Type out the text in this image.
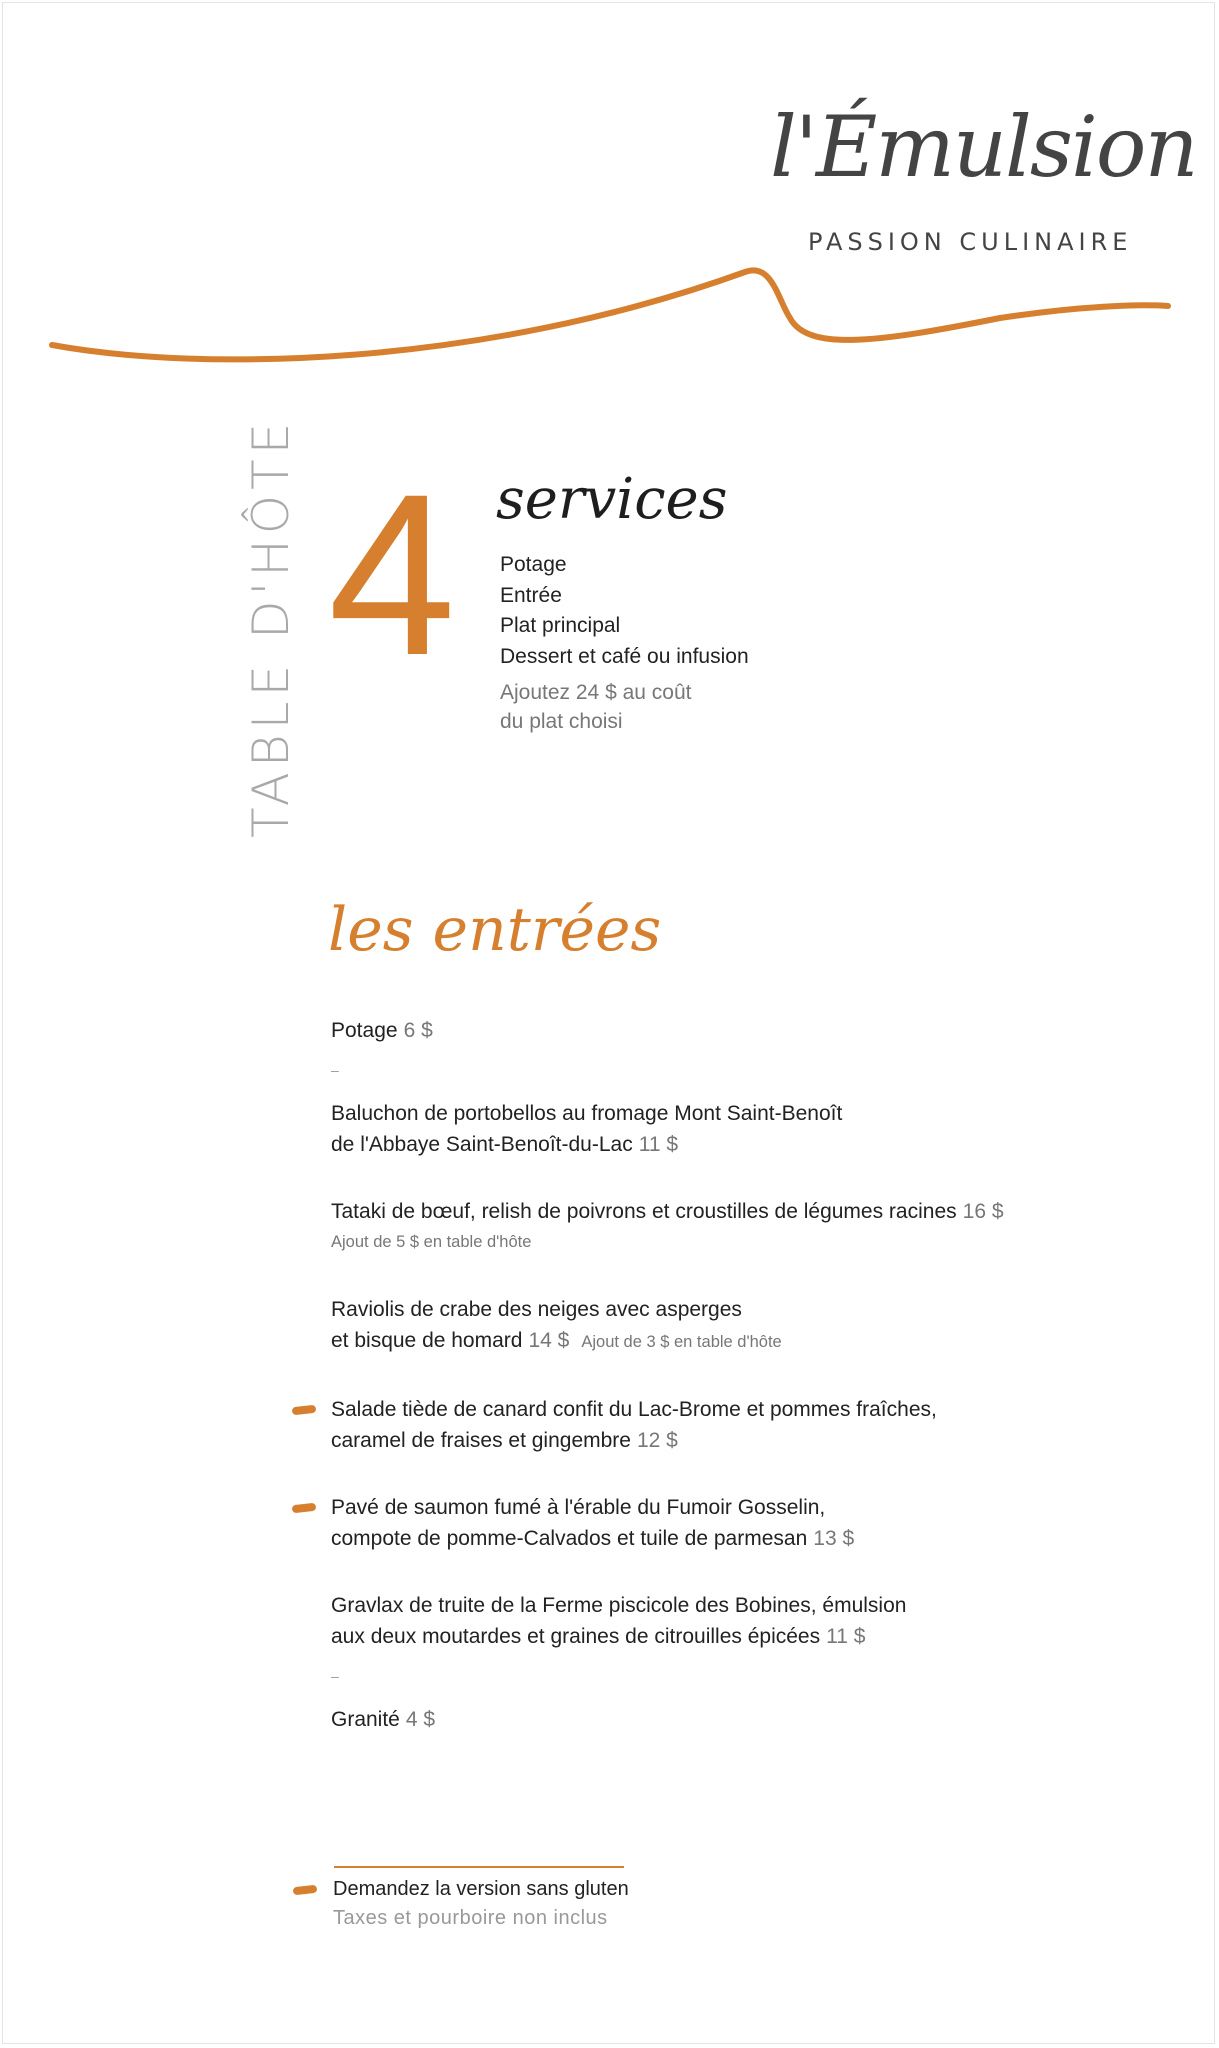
l'Émulsion
PASSION CULINAIRE
TABLE D'HÔTE 4 services
Potage
Entrée
Plat principal
Dessert et café ou infusion
Ajoutez 24 $ au coût
du plat choisi
les entrées
Potage 6 $
–
Baluchon de portobellos au fromage Mont Saint-Benoît
de l'Abbaye Saint-Benoît-du-Lac 11 $
Tataki de bœuf, relish de poivrons et croustilles de légumes racines 16 $
Ajout de 5 $ en table d'hôte
Raviolis de crabe des neiges avec asperges
et bisque de homard 14 $ Ajout de 3 $ en table d'hôte
Salade tiède de canard confit du Lac-Brome et pommes fraîches,
caramel de fraises et gingembre 12 $
Pavé de saumon fumé à l'érable du Fumoir Gosselin,
compote de pomme-Calvados et tuile de parmesan 13 $
Gravlax de truite de la Ferme piscicole des Bobines, émulsion
aux deux moutardes et graines de citrouilles épicées 11 $
–
Granité 4 $
Demandez la version sans gluten
Taxes et pourboire non inclus
